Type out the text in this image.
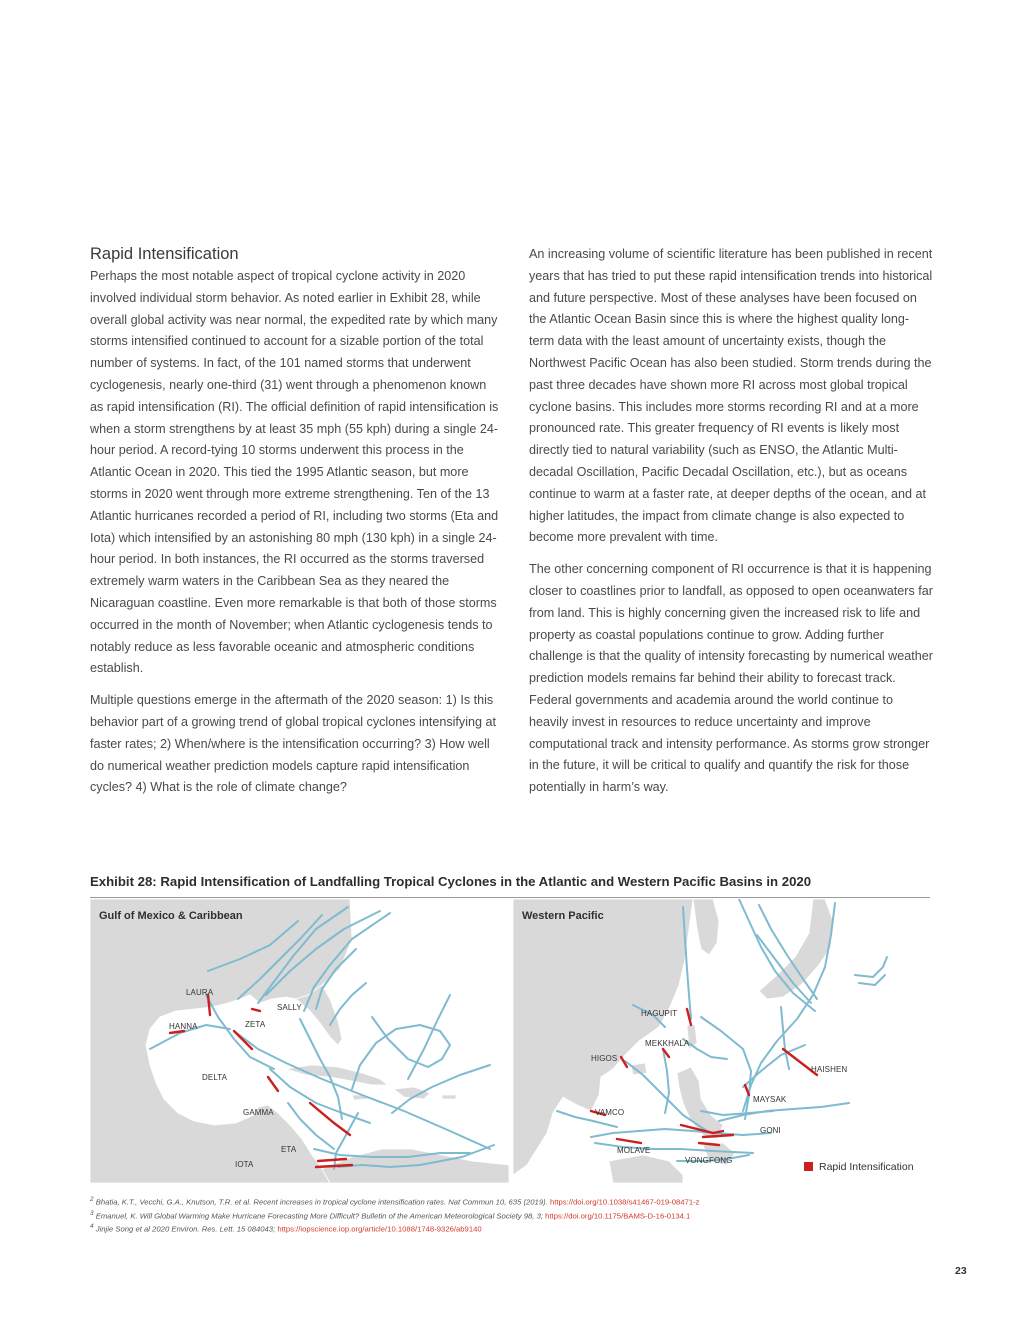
Rapid Intensification

Perhaps the most notable aspect of tropical cyclone activity in 2020 involved individual storm behavior. As noted earlier in Exhibit 28, while overall global activity was near normal, the expedited rate by which many storms intensified continued to account for a sizable portion of the total number of systems. In fact, of the 101 named storms that underwent cyclogenesis, nearly one-third (31) went through a phenomenon known as rapid intensification (RI). The official definition of rapid intensification is when a storm strengthens by at least 35 mph (55 kph) during a single 24-hour period. A record-tying 10 storms underwent this process in the Atlantic Ocean in 2020. This tied the 1995 Atlantic season, but more storms in 2020 went through more extreme strengthening. Ten of the 13 Atlantic hurricanes recorded a period of RI, including two storms (Eta and Iota) which intensified by an astonishing 80 mph (130 kph) in a single 24-hour period. In both instances, the RI occurred as the storms traversed extremely warm waters in the Caribbean Sea as they neared the Nicaraguan coastline. Even more remarkable is that both of those storms occurred in the month of November; when Atlantic cyclogenesis tends to notably reduce as less favorable oceanic and atmospheric conditions establish.

Multiple questions emerge in the aftermath of the 2020 season: 1) Is this behavior part of a growing trend of global tropical cyclones intensifying at faster rates; 2) When/where is the intensification occurring? 3) How well do numerical weather prediction models capture rapid intensification cycles? 4) What is the role of climate change?

An increasing volume of scientific literature has been published in recent years that has tried to put these rapid intensification trends into historical and future perspective. Most of these analyses have been focused on the Atlantic Ocean Basin since this is where the highest quality long-term data with the least amount of uncertainty exists, though the Northwest Pacific Ocean has also been studied. Storm trends during the past three decades have shown more RI across most global tropical cyclone basins. This includes more storms recording RI and at a more pronounced rate. This greater frequency of RI events is likely most directly tied to natural variability (such as ENSO, the Atlantic Multi-decadal Oscillation, Pacific Decadal Oscillation, etc.), but as oceans continue to warm at a faster rate, at deeper depths of the ocean, and at higher latitudes, the impact from climate change is also expected to become more prevalent with time.

The other concerning component of RI occurrence is that it is happening closer to coastlines prior to landfall, as opposed to open oceanwaters far from land. This is highly concerning given the increased risk to life and property as coastal populations continue to grow. Adding further challenge is that the quality of intensity forecasting by numerical weather prediction models remains far behind their ability to forecast track. Federal governments and academia around the world continue to heavily invest in resources to reduce uncertainty and improve computational track and intensity performance. As storms grow stronger in the future, it will be critical to qualify and quantify the risk for those potentially in harm’s way.

Exhibit 28: Rapid Intensification of Landfalling Tropical Cyclones in the Atlantic and Western Pacific Basins in 2020
Gulf of Mexico & Caribbean
LAURA
SALLY
HANNA	ZETA
DELTA
GAMMA
ETA
IOTA
Western Pacific
HAGUPIT
MEKKHALA
HIGOS
HAISHEN
MAYSAK
VAMCO
GONI
MOLAVE
VONGFONG
Rapid Intensification
$^2$ Bhatia, K.T., Vecchi, G.A., Knutson, T.R. et al. Recent increases in tropical cyclone intensification rates. Nat Commun 10, 635 (2019). https://doi.org/10.1038/s41467-019-08471-z
$^3$ Emanuel, K. Will Global Warming Make Hurricane Forecasting More Difficult? Bulletin of the American Meteorological Society 98, 3; https://doi.org/10.1175/BAMS-D-16-0134.1
$^4$ Jinjie Song et al 2020 Environ. Res. Lett. 15 084043; https://iopscience.iop.org/article/10.1088/1748-9326/ab9140
23
